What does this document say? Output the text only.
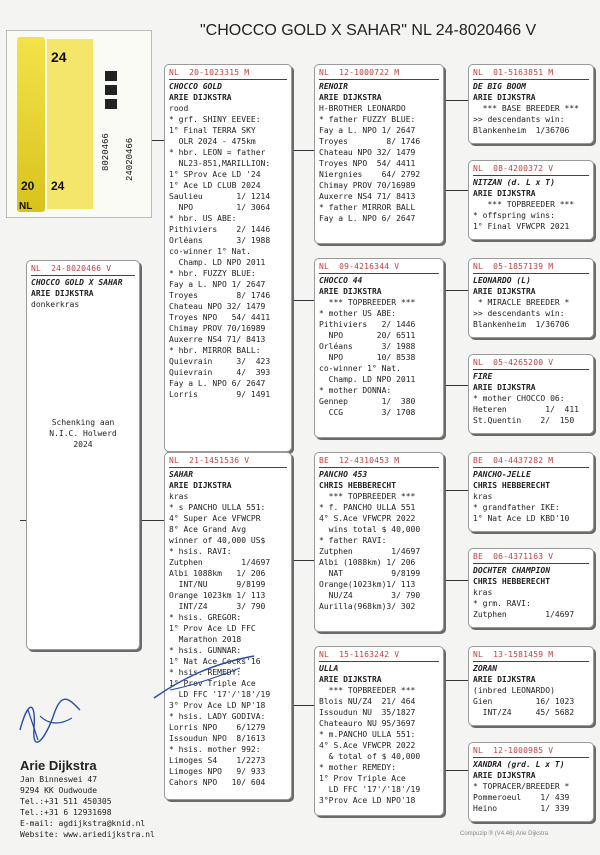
"CHOCCO GOLD X SAHAR" NL 24-8020466 V
24
20 24
NL
8020466 24020466
NL  24-8020466 V
CHOCCO GOLD X SAHAR
ARIE DIJKSTRA
donkerkras
Schenking aan
N.I.C. Holwerd
2024
NL  20-1023315 M
CHOCCO GOLD
ARIE DIJKSTRA
rood
* grf. SHINY EEVEE:
1° Final TERRA SKY
OLR 2024 - 475km
* hbr. LEON = father
NL23-851,MARILLION:
1° SProv Ace LD '24
1° Ace LD CLUB 2024
Saulieu       1/ 1214
NPO         1/ 3064
* hbr. US ABE:
Pithiviers    2/ 1446
Orléans       3/ 1988
co-winner 1° Nat.
Champ. LD NPO 2011
* hbr. FUZZY BLUE:
Fay a L. NPO 1/ 2647
Troyes        8/ 1746
Chateau NPO 32/ 1479
Troyes NPO   54/ 4411
Chimay PROV 70/16989
Auxerre NS4 71/ 8413
* hbr. MIRROR BALL:
Quievrain     3/  423
Quievrain     4/  393
Fay a L. NPO 6/ 2647
Lorris        9/ 1491
NL  21-1451536 V
SAHAR
ARIE DIJKSTRA
kras
* s PANCHO ULLA 551:
4° Super Ace VFWCPR
8° Ace Grand Avg
winner of 40,000 US$
* hsis. RAVI:
Zutphen        1/4697
Albi 1088km   1/ 206
INT/NU      9/8199
Orange 1023km 1/ 113
INT/Z4      3/ 790
* hsis. GREGOR:
1° Prov Ace LD FFC
Marathon 2018
* hsis. GUNNAR:
1° Nat Ace Cocks'16
* hsis. REMEDY:
1° Prov Triple Ace
LD FFC '17'/'18'/19
3° Prov Ace LD NP'18
* hsis. LADY GODIVA:
Lorris NPO    6/1279
Issoudun NPO  8/1613
* hsis. mother 992:
Limoges S4    1/2273
Limoges NPO   9/ 933
Cahors NPO   10/ 604
NL  12-1000722 M
RENOIR
ARIE DIJKSTRA
H-BROTHER LEONARDO
* father FUZZY BLUE:
Fay a L. NPO 1/ 2647
Troyes        8/ 1746
Chateau NPO 32/ 1479
Troyes NPO  54/ 4411
Niergnies    64/ 2792
Chimay PROV 70/16989
Auxerre NS4 71/ 8413
* father MIRROR BALL
Fay a L. NPO 6/ 2647
NL  09-4216344 V
CHOCCO 44
ARIE DIJKSTRA
*** TOPBREEDER ***
* mother US ABE:
Pithiviers   2/ 1446
NPO       20/ 6511
Orléans      3/ 1988
NPO       10/ 8538
co-winner 1° Nat.
Champ. LD NPO 2011
* mother DONNA:
Gennep       1/  380
CCG        3/ 1708
BE  12-4310453 M
PANCHO 453
CHRIS HEBBERECHT
*** TOPBREEDER ***
* f. PANCHO ULLA 551
4° S.Ace VFWCPR 2022
wins total $ 40,000
* father RAVI:
Zutphen        1/4697
Albi (1088km) 1/ 206
NAT          9/8199
Orange(1023km)1/ 113
NU/Z4        3/ 790
Aurilla(968km)3/ 302
NL  15-1163242 V
ULLA
ARIE DIJKSTRA
*** TOPBREEDER ***
Blois NU/Z4  21/ 464
Issoudun NU  35/1827
Chateauro NU 95/3697
* m.PANCHO ULLA 551:
4° S.Ace VFWCPR 2022
& total of $ 40,000
* mother REMEDY:
1° Prov Triple Ace
LD FFC '17'/'18'/19
3°Prov Ace LD NPO'18
NL  01-5163851 M
DE BIG BOOM
ARIE DIJKSTRA
*** BASE BREEDER ***
>> descendants win:
Blankenheim  1/36706
NL  08-4200372 V
NITZAN (d. L x T)
ARIE DIJKSTRA
*** TOPBREEDER ***
* offspring wins:
1° Final VFWCPR 2021
NL  05-1857139 M
LEONARDO (L)
ARIE DIJKSTRA
* MIRACLE BREEDER *
>> descendants win:
Blankenheim  1/36706
NL  05-4265200 V
FIRE
ARIE DIJKSTRA
* mother CHOCCO 06:
Heteren        1/  411
St.Quentin    2/  150
BE  04-4437282 M
PANCHO-JELLE
CHRIS HEBBERECHT
kras
* grandfather IKE:
1° Nat Ace LD KBD'10
BE  06-4371163 V
DOCHTER CHAMPION
CHRIS HEBBERECHT
kras
* grm. RAVI:
Zutphen        1/4697
NL  13-1581459 M
ZORAN
ARIE DIJKSTRA
(inbred LEONARDO)
Gien         16/ 1023
INT/Z4     45/ 5682
NL  12-1000985 V
XANDRA (grd. L x T)
ARIE DIJKSTRA
* TOPRACER/BREEDER *
Pommeroeul    1/ 439
Heino         1/ 339
Arie Dijkstra
Jan Binneswei 47
9294 KK Oudwoude
Tel.:+31 511 450305
Tel.:+31 6 12931698
E-mail: agdijkstra@knid.nl
Website: www.ariedijkstra.nl	Compuzip ® (V4.46) Arie Dijkstra
